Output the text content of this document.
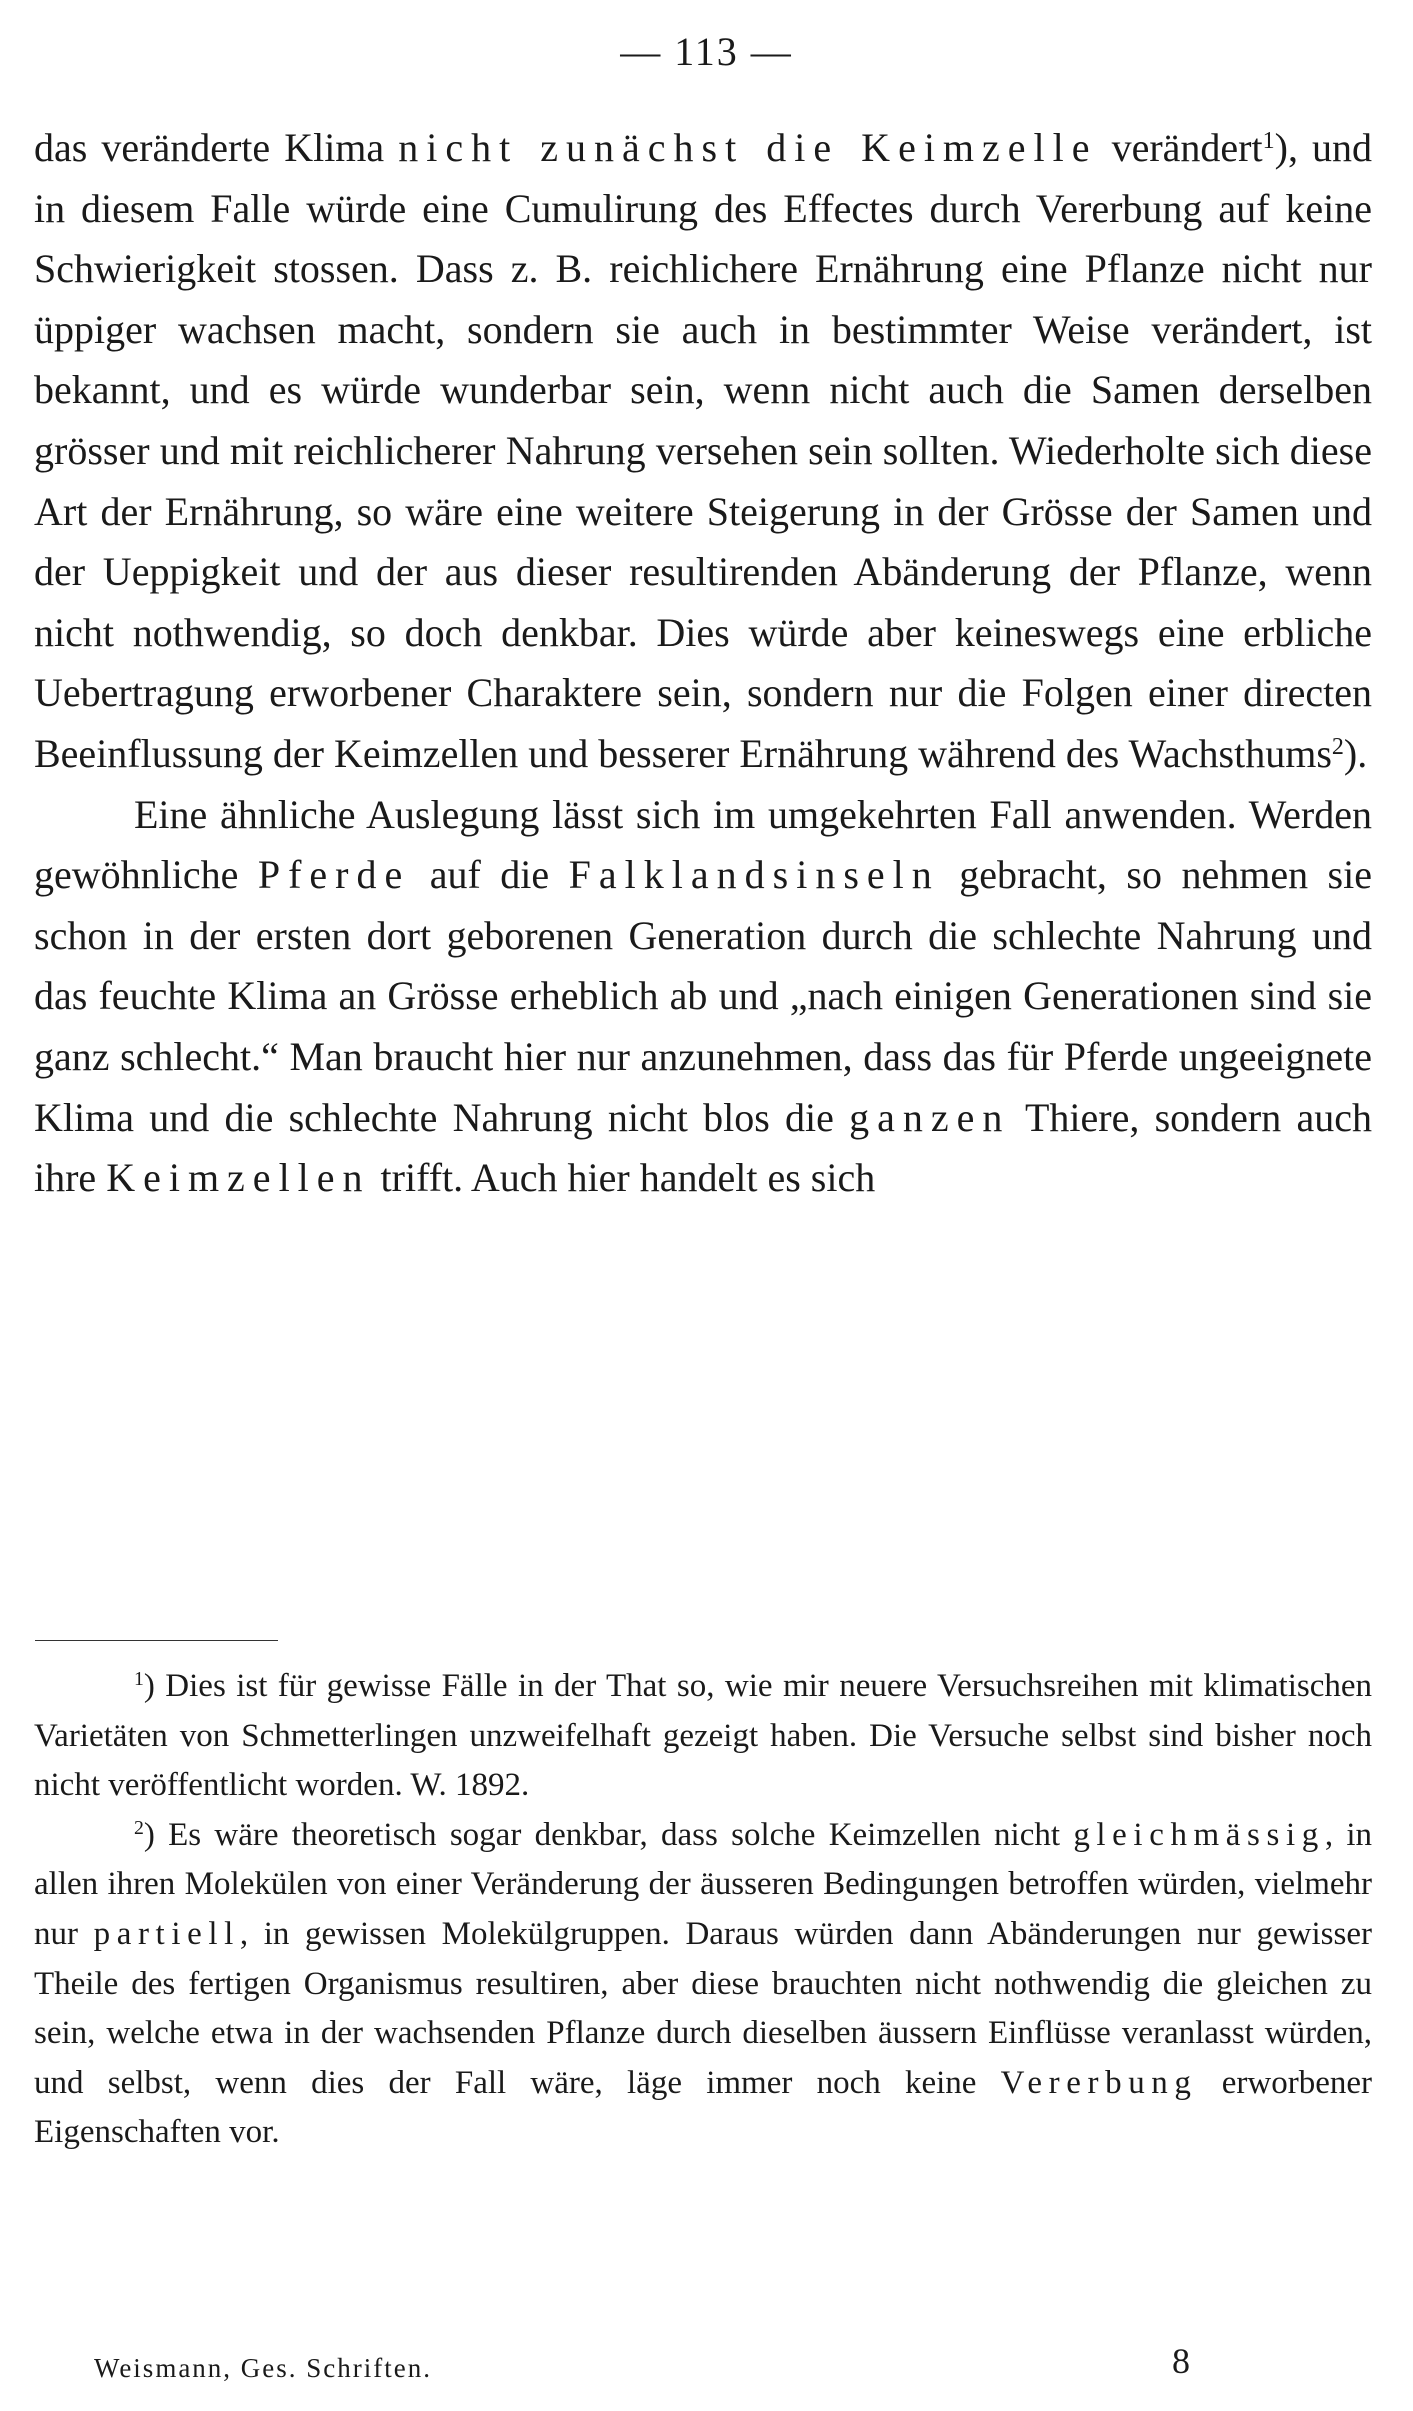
— 113 —

das veränderte Klima nicht zunächst die Keimzelle verändert$^1$), und in diesem Falle würde eine Cumulirung des Effectes durch Vererbung auf keine Schwierigkeit stossen. Dass z. B. reichlichere Ernährung eine Pflanze nicht nur üppiger wachsen macht, sondern sie auch in bestimmter Weise verändert, ist bekannt, und es würde wunderbar sein, wenn nicht auch die Samen derselben grösser und mit reichlicherer Nahrung versehen sein sollten. Wiederholte sich diese Art der Ernährung, so wäre eine weitere Steigerung in der Grösse der Samen und der Ueppigkeit und der aus dieser resultirenden Abänderung der Pflanze, wenn nicht nothwendig, so doch denkbar. Dies würde aber keineswegs eine erbliche Uebertragung erworbener Charaktere sein, sondern nur die Folgen einer directen Beeinflussung der Keimzellen und besserer Ernährung während des Wachsthums$^2$).

Eine ähnliche Auslegung lässt sich im umgekehrten Fall anwenden. Werden gewöhnliche Pferde auf die Falklandsinseln gebracht, so nehmen sie schon in der ersten dort geborenen Generation durch die schlechte Nahrung und das feuchte Klima an Grösse erheblich ab und „nach einigen Generationen sind sie ganz schlecht.“ Man braucht hier nur anzunehmen, dass das für Pferde ungeeignete Klima und die schlechte Nahrung nicht blos die ganzen Thiere, sondern auch ihre Keimzellen trifft. Auch hier handelt es sich

$^1$) Dies ist für gewisse Fälle in der That so, wie mir neuere Versuchsreihen mit klimatischen Varietäten von Schmetterlingen unzweifelhaft gezeigt haben. Die Versuche selbst sind bisher noch nicht veröffentlicht worden. W. 1892.

$^2$) Es wäre theoretisch sogar denkbar, dass solche Keimzellen nicht gleichmässig, in allen ihren Molekülen von einer Veränderung der äusseren Bedingungen betroffen würden, vielmehr nur partiell, in gewissen Molekülgruppen. Daraus würden dann Abänderungen nur gewisser Theile des fertigen Organismus resultiren, aber diese brauchten nicht nothwendig die gleichen zu sein, welche etwa in der wachsenden Pflanze durch dieselben äussern Einflüsse veranlasst würden, und selbst, wenn dies der Fall wäre, läge immer noch keine Vererbung erworbener Eigenschaften vor.

Weismann, Ges. Schriften.	8
